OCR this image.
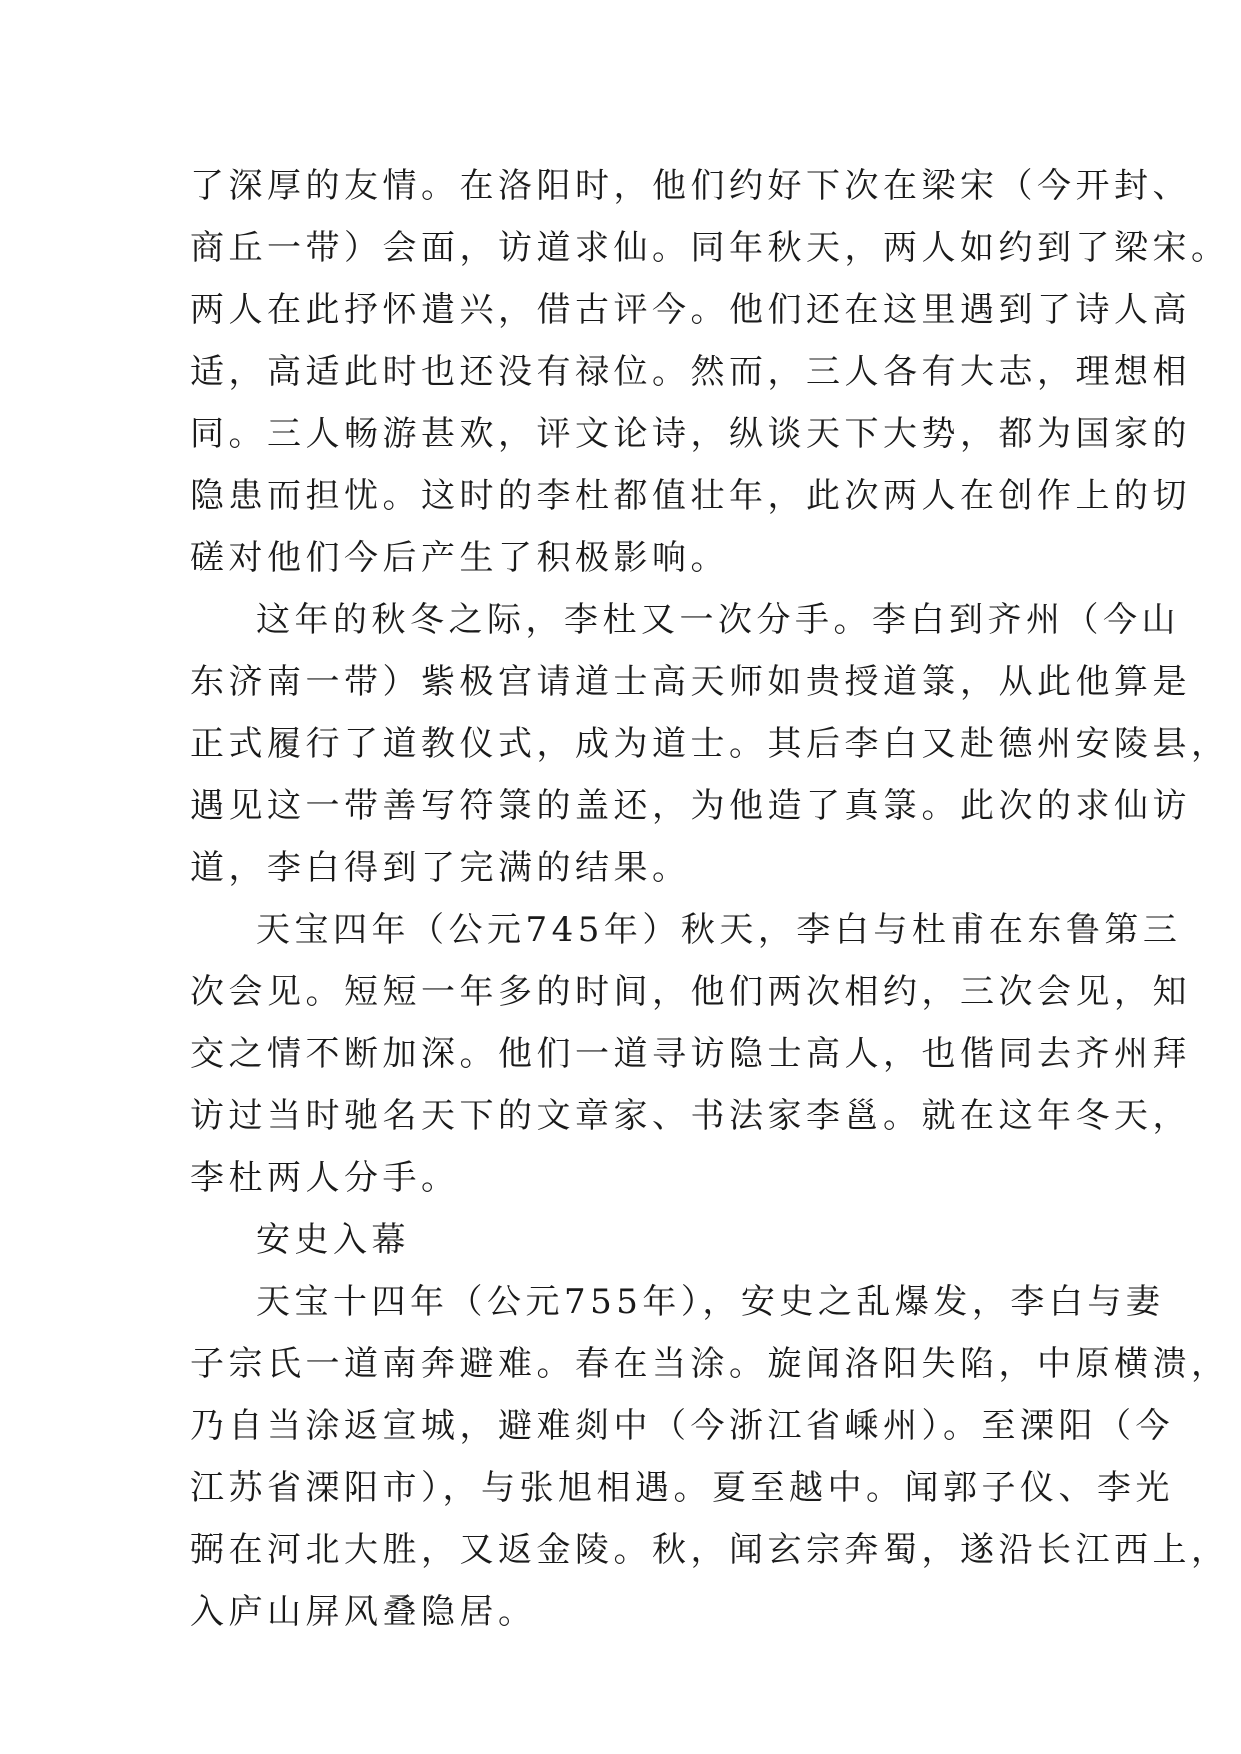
了深厚的友情。在洛阳时，他们约好下次在梁宋（今开封、
商丘一带）会面，访道求仙。同年秋天，两人如约到了梁宋。
两人在此抒怀遣兴，借古评今。他们还在这里遇到了诗人高
适，高适此时也还没有禄位。然而，三人各有大志，理想相
同。三人畅游甚欢，评文论诗，纵谈天下大势，都为国家的
隐患而担忧。这时的李杜都值壮年，此次两人在创作上的切
磋对他们今后产生了积极影响。
这年的秋冬之际，李杜又一次分手。李白到齐州（今山
东济南一带）紫极宫请道士高天师如贵授道箓，从此他算是
正式履行了道教仪式，成为道士。其后李白又赴德州安陵县，
遇见这一带善写符箓的盖还，为他造了真箓。此次的求仙访
道，李白得到了完满的结果。
天宝四年（公元745年）秋天，李白与杜甫在东鲁第三
次会见。短短一年多的时间，他们两次相约，三次会见，知
交之情不断加深。他们一道寻访隐士高人，也偕同去齐州拜
访过当时驰名天下的文章家、书法家李邕。就在这年冬天，
李杜两人分手。
安史入幕
天宝十四年（公元755年），安史之乱爆发，李白与妻
子宗氏一道南奔避难。春在当涂。旋闻洛阳失陷，中原横溃，
乃自当涂返宣城，避难剡中（今浙江省嵊州）。至溧阳（今
江苏省溧阳市），与张旭相遇。夏至越中。闻郭子仪、李光
弼在河北大胜，又返金陵。秋，闻玄宗奔蜀，遂沿长江西上，
入庐山屏风叠隐居。
